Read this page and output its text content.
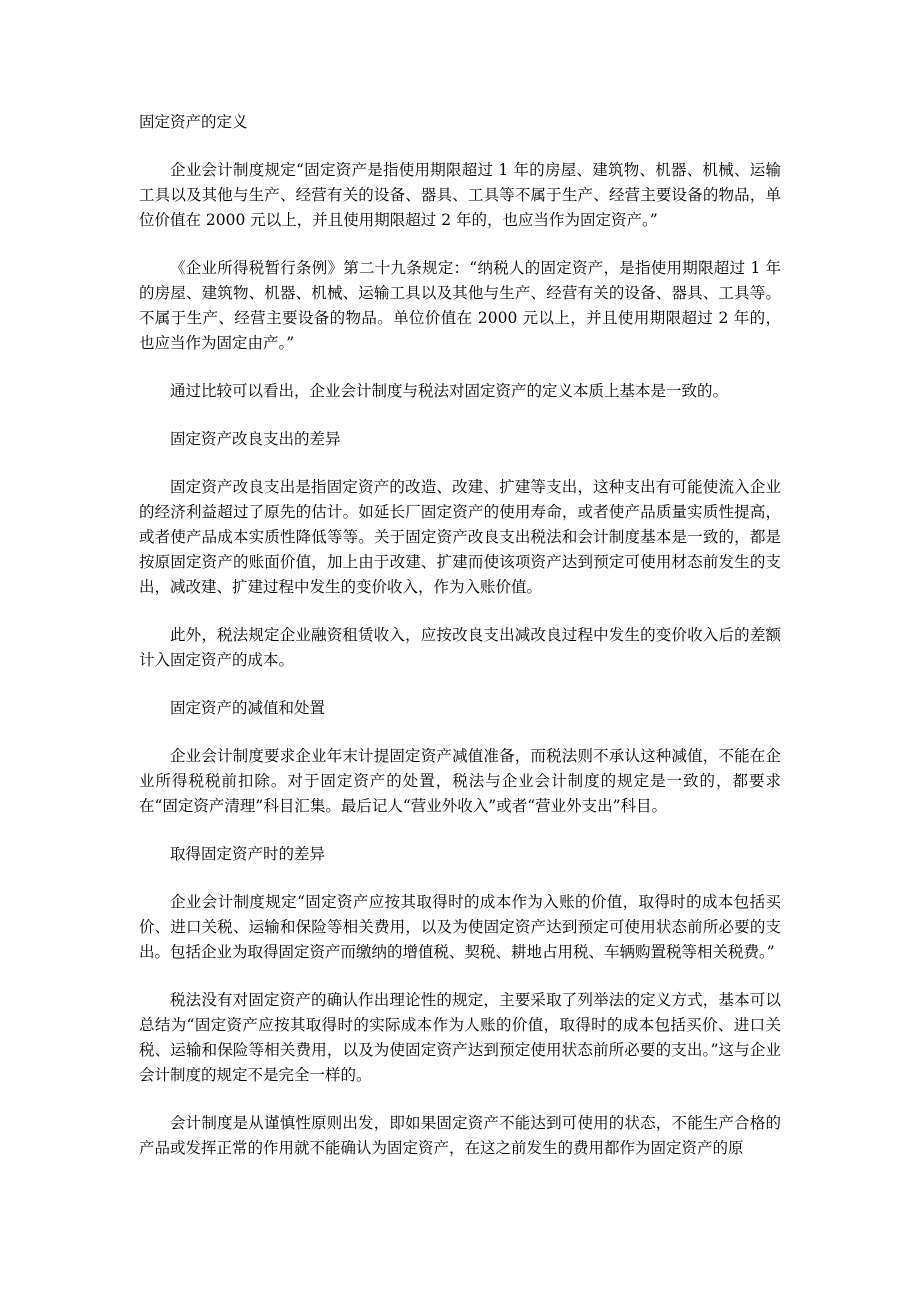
固定资产的定义

企业会计制度规定“固定资产是指使用期限超过 1 年的房屋、建筑物、机器、机械、运输工具以及其他与生产、经营有关的设备、器具、工具等不属于生产、经营主要设备的物品，单位价值在 2000 元以上，并且使用期限超过 2 年的，也应当作为固定资产。”

《企业所得税暂行条例》第二十九条规定：“纳税人的固定资产，是指使用期限超过 1 年的房屋、建筑物、机器、机械、运输工具以及其他与生产、经营有关的设备、器具、工具等。不属于生产、经营主要设备的物品。单位价值在 2000 元以上，并且使用期限超过 2 年的，也应当作为固定由产。”

通过比较可以看出，企业会计制度与税法对固定资产的定义本质上基本是一致的。

固定资产改良支出的差异

固定资产改良支出是指固定资产的改造、改建、扩建等支出，这种支出有可能使流入企业的经济利益超过了原先的估计。如延长厂固定资产的使用寿命，或者使产品质量实质性提高，或者使产品成本实质性降低等等。关于固定资产改良支出税法和会计制度基本是一致的，都是按原固定资产的账面价值，加上由于改建、扩建而使该项资产达到预定可使用材态前发生的支出，减改建、扩建过程中发生的变价收入，作为入账价值。

此外，税法规定企业融资租赁收入，应按改良支出减改良过程中发生的变价收入后的差额计入固定资产的成本。

固定资产的减值和处置

企业会计制度要求企业年末计提固定资产减值准备，而税法则不承认这种减值，不能在企业所得税税前扣除。对于固定资产的处置，税法与企业会计制度的规定是一致的，都要求在“固定资产清理”科目汇集。最后记人“营业外收入”或者“营业外支出”科目。

取得固定资产时的差异

企业会计制度规定“固定资产应按其取得时的成本作为入账的价值，取得时的成本包括买价、进口关税、运输和保险等相关费用，以及为使固定资产达到预定可使用状态前所必要的支出。包括企业为取得固定资产而缴纳的增值税、契税、耕地占用税、车辆购置税等相关税费。”

税法没有对固定资产的确认作出理论性的规定，主要采取了列举法的定义方式，基本可以总结为“固定资产应按其取得时的实际成本作为人账的价值，取得时的成本包括买价、进口关税、运输和保险等相关费用，以及为使固定资产达到预定使用状态前所必要的支出。”这与企业会计制度的规定不是完全一样的。

会计制度是从谨慎性原则出发，即如果固定资产不能达到可使用的状态，不能生产合格的产品或发挥正常的作用就不能确认为固定资产，在这之前发生的费用都作为固定资产的原
